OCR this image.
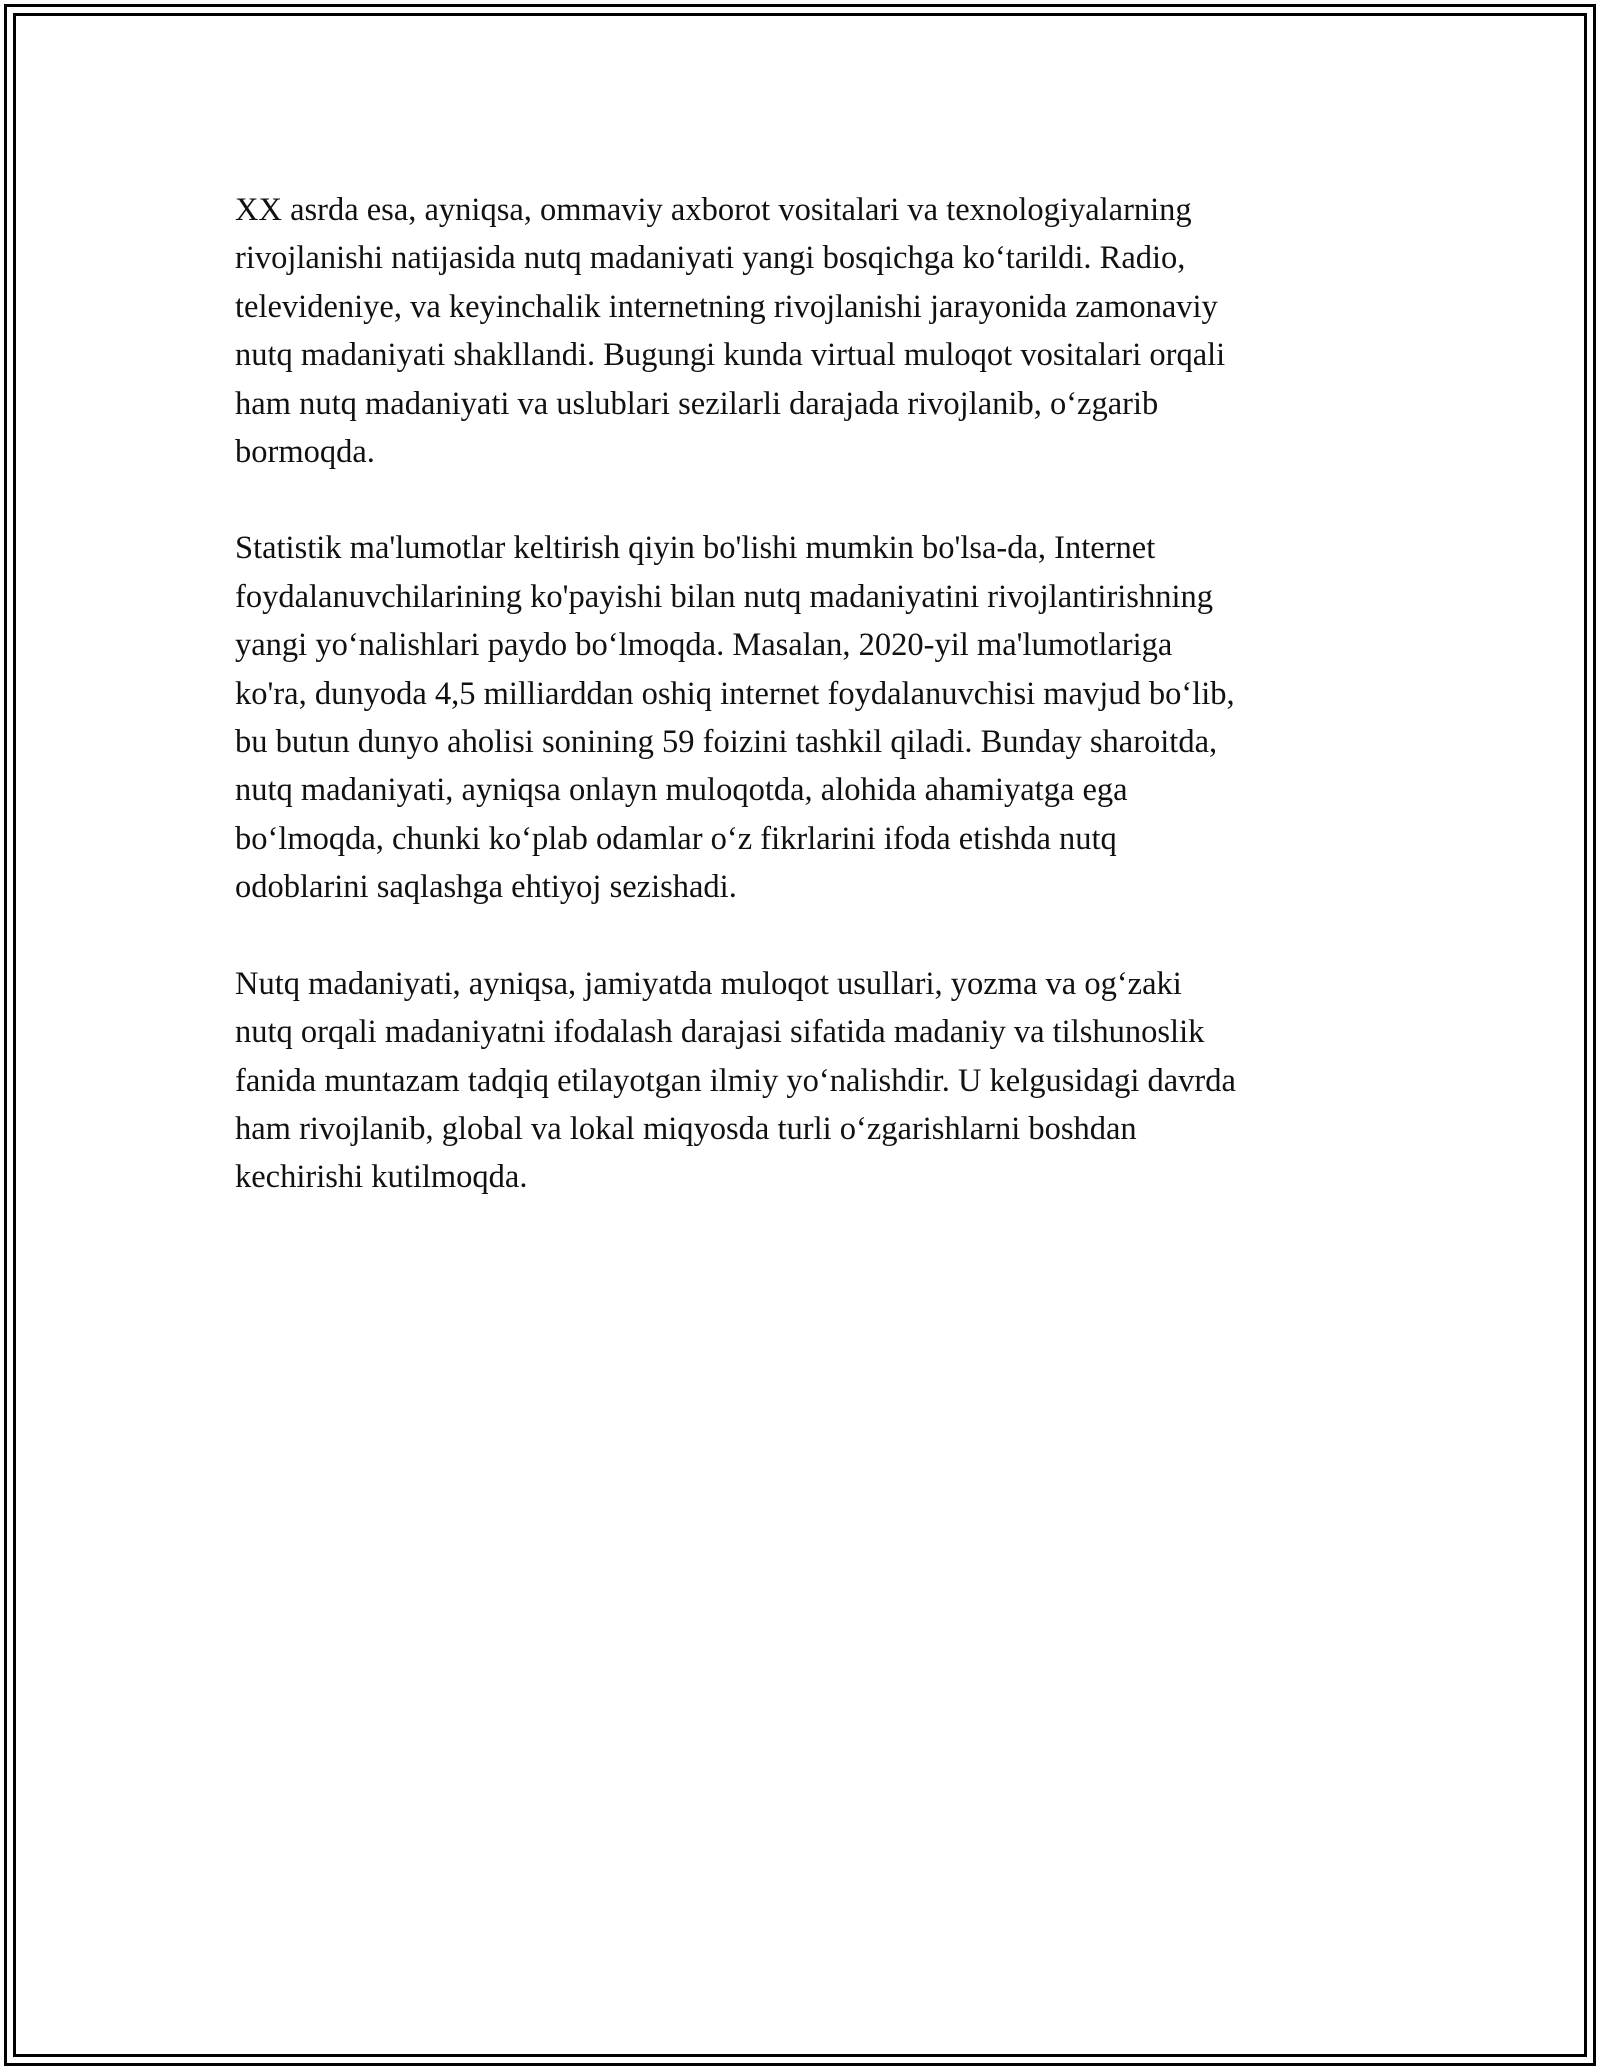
XX asrda esa, ayniqsa, ommaviy axborot vositalari va texnologiyalarning
rivojlanishi natijasida nutq madaniyati yangi bosqichga ko‘tarildi. Radio,
televideniye, va keyinchalik internetning rivojlanishi jarayonida zamonaviy
nutq madaniyati shakllandi. Bugungi kunda virtual muloqot vositalari orqali
ham nutq madaniyati va uslublari sezilarli darajada rivojlanib, o‘zgarib
bormoqda.

Statistik ma'lumotlar keltirish qiyin bo'lishi mumkin bo'lsa-da, Internet
foydalanuvchilarining ko'payishi bilan nutq madaniyatini rivojlantirishning
yangi yo‘nalishlari paydo bo‘lmoqda. Masalan, 2020-yil ma'lumotlariga
ko'ra, dunyoda 4,5 milliarddan oshiq internet foydalanuvchisi mavjud bo‘lib,
bu butun dunyo aholisi sonining 59 foizini tashkil qiladi. Bunday sharoitda,
nutq madaniyati, ayniqsa onlayn muloqotda, alohida ahamiyatga ega
bo‘lmoqda, chunki ko‘plab odamlar o‘z fikrlarini ifoda etishda nutq
odoblarini saqlashga ehtiyoj sezishadi.

Nutq madaniyati, ayniqsa, jamiyatda muloqot usullari, yozma va og‘zaki
nutq orqali madaniyatni ifodalash darajasi sifatida madaniy va tilshunoslik
fanida muntazam tadqiq etilayotgan ilmiy yo‘nalishdir. U kelgusidagi davrda
ham rivojlanib, global va lokal miqyosda turli o‘zgarishlarni boshdan
kechirishi kutilmoqda.
